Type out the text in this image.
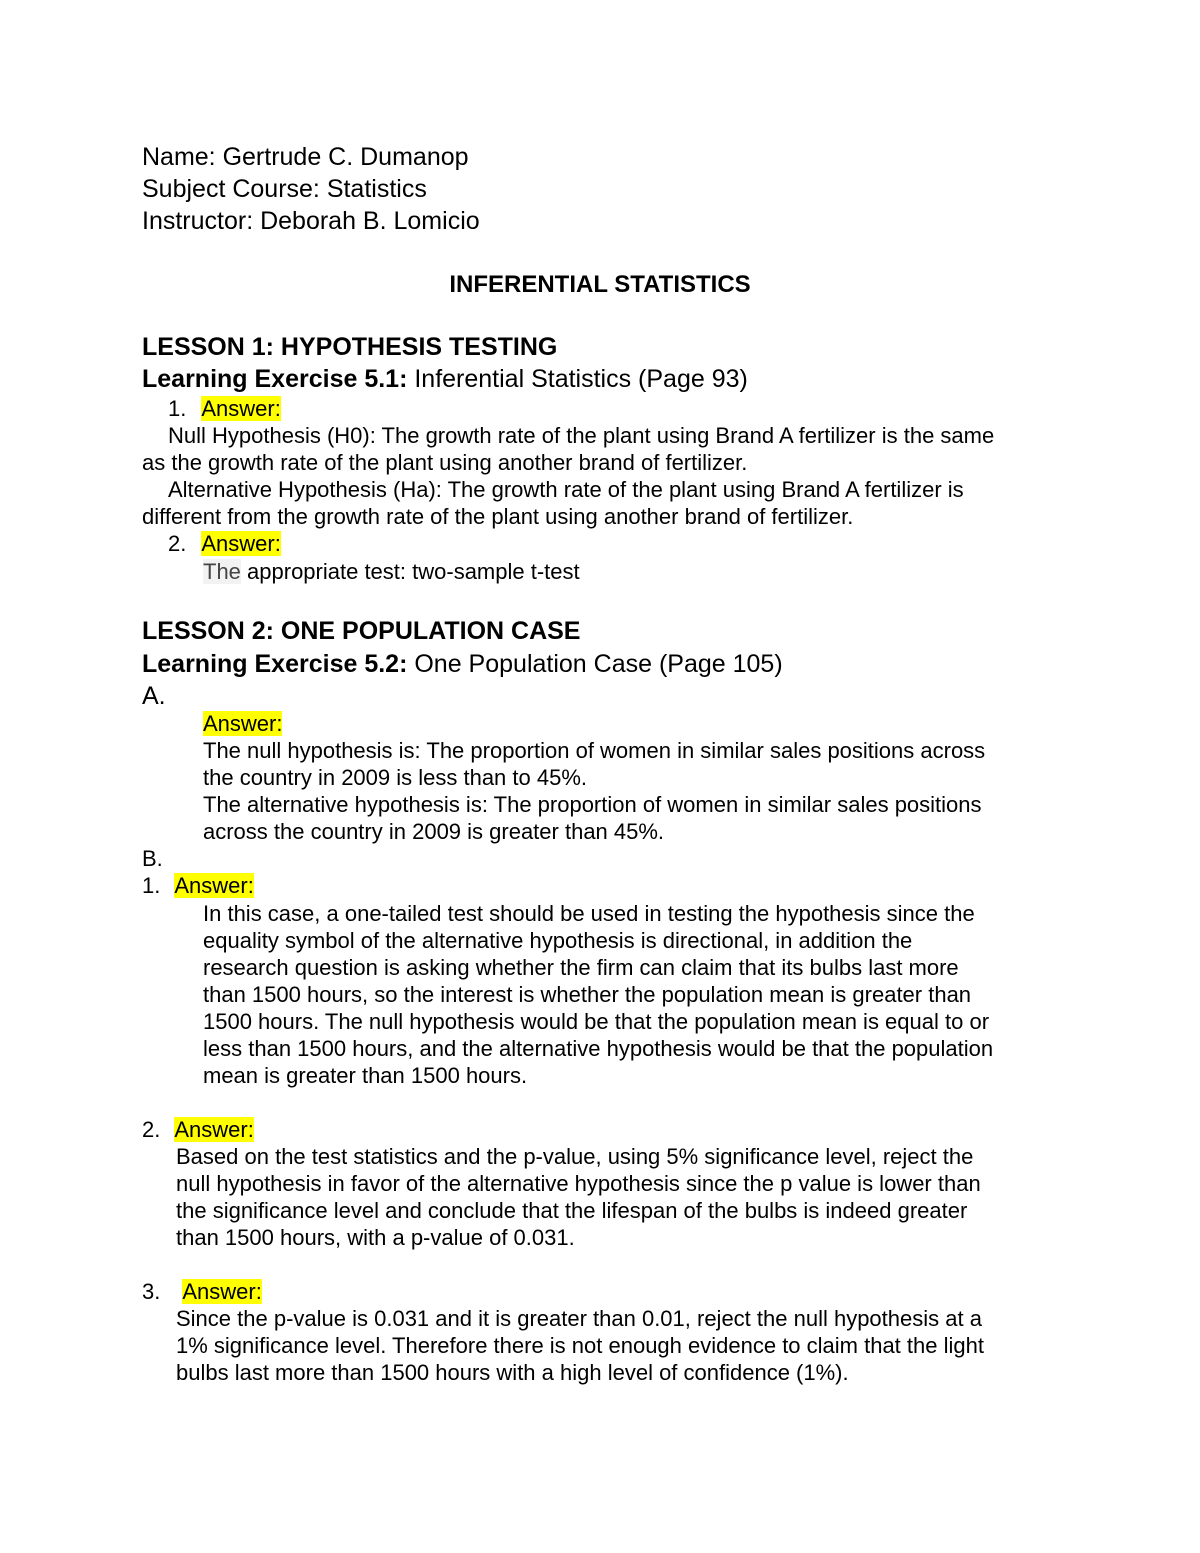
Name: Gertrude C. Dumanop
Subject Course: Statistics
Instructor: Deborah B. Lomicio
INFERENTIAL STATISTICS
LESSON 1: HYPOTHESIS TESTING
Learning Exercise 5.1: Inferential Statistics (Page 93)
1. Answer:
Null Hypothesis (H0): The growth rate of the plant using Brand A fertilizer is the same
as the growth rate of the plant using another brand of fertilizer.
Alternative Hypothesis (Ha): The growth rate of the plant using Brand A fertilizer is
different from the growth rate of the plant using another brand of fertilizer.
2. Answer:
The appropriate test: two-sample t-test
LESSON 2: ONE POPULATION CASE
Learning Exercise 5.2: One Population Case (Page 105)
A.
Answer:
The null hypothesis is: The proportion of women in similar sales positions across
the country in 2009 is less than to 45%.
The alternative hypothesis is: The proportion of women in similar sales positions
across the country in 2009 is greater than 45%.
B.
1. Answer:
In this case, a one-tailed test should be used in testing the hypothesis since the
equality symbol of the alternative hypothesis is directional, in addition the
research question is asking whether the firm can claim that its bulbs last more
than 1500 hours, so the interest is whether the population mean is greater than
1500 hours. The null hypothesis would be that the population mean is equal to or
less than 1500 hours, and the alternative hypothesis would be that the population
mean is greater than 1500 hours.
2. Answer:
Based on the test statistics and the p-value, using 5% significance level, reject the
null hypothesis in favor of the alternative hypothesis since the p value is lower than
the significance level and conclude that the lifespan of the bulbs is indeed greater
than 1500 hours, with a p-value of 0.031.
3. Answer:
Since the p-value is 0.031 and it is greater than 0.01, reject the null hypothesis at a
1% significance level. Therefore there is not enough evidence to claim that the light
bulbs last more than 1500 hours with a high level of confidence (1%).
